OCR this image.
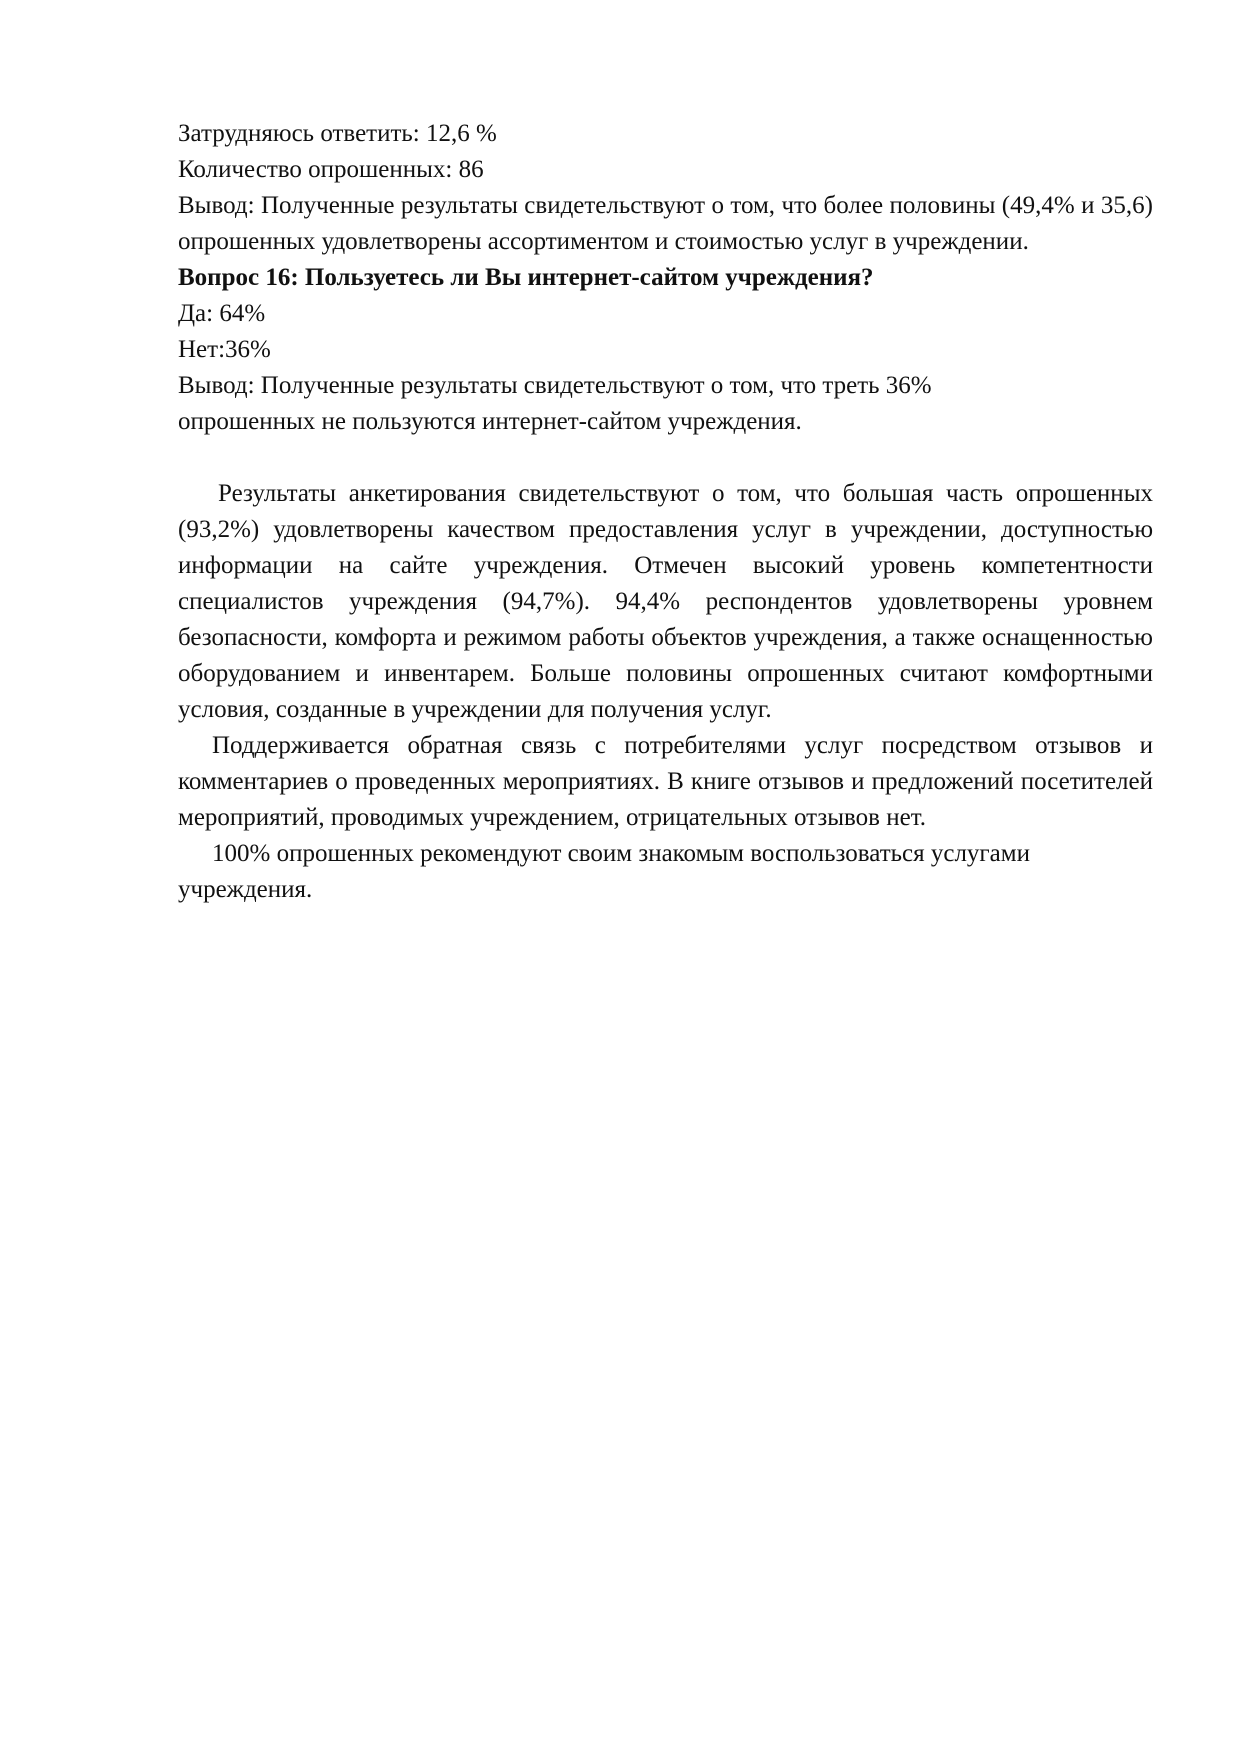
Затрудняюсь ответить: 12,6 %

Количество опрошенных: 86

Вывод: Полученные результаты свидетельствуют о том, что более половины (49,4% и 35,6) опрошенных удовлетворены ассортиментом и стоимостью услуг в учреждении.

Вопрос 16: Пользуетесь ли Вы интернет-сайтом учреждения?

Да: 64%

Нет:36%

Вывод: Полученные результаты свидетельствуют о том, что треть 36%

опрошенных не пользуются интернет-сайтом учреждения.

Результаты анкетирования свидетельствуют о том, что большая часть опрошенных (93,2%) удовлетворены качеством предоставления услуг в учреждении, доступностью информации на сайте учреждения. Отмечен высокий уровень компетентности специалистов учреждения (94,7%). 94,4% респондентов удовлетворены уровнем безопасности, комфорта и режимом работы объектов учреждения, а также оснащенностью оборудованием и инвентарем. Больше половины опрошенных считают комфортными условия, созданные в учреждении для получения услуг.

Поддерживается обратная связь с потребителями услуг посредством отзывов и комментариев о проведенных мероприятиях. В книге отзывов и предложений посетителей мероприятий, проводимых учреждением, отрицательных отзывов нет.

100% опрошенных рекомендуют своим знакомым воспользоваться услугами

учреждения.
